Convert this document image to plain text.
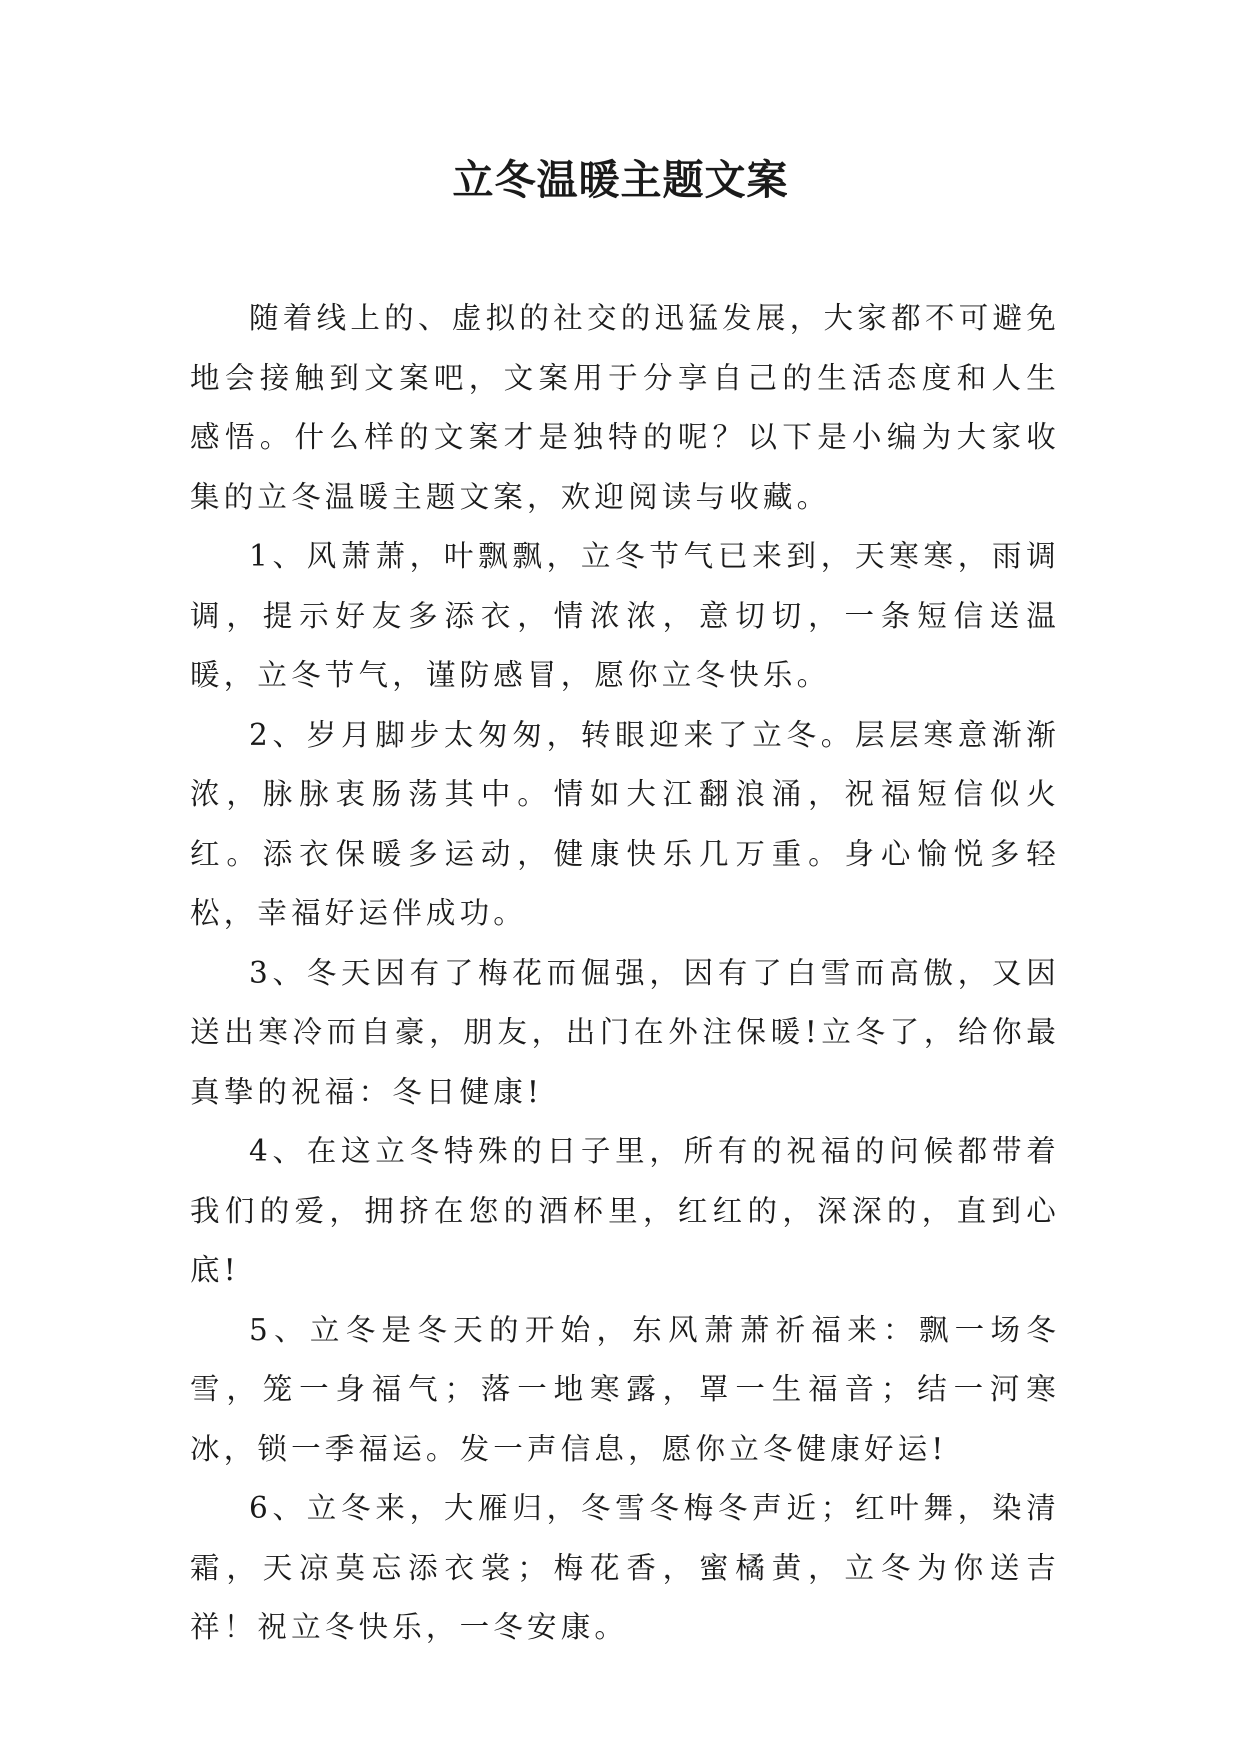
立冬温暖主题文案

随着线上的、虚拟的社交的迅猛发展，大家都不可避免地会接触到文案吧，文案用于分享自己的生活态度和人生感悟。什么样的文案才是独特的呢？以下是小编为大家收集的立冬温暖主题文案，欢迎阅读与收藏。

1、风萧萧，叶飘飘，立冬节气已来到，天寒寒，雨调调，提示好友多添衣，情浓浓，意切切，一条短信送温暖，立冬节气，谨防感冒，愿你立冬快乐。

2、岁月脚步太匆匆，转眼迎来了立冬。层层寒意渐渐浓，脉脉衷肠荡其中。情如大江翻浪涌，祝福短信似火红。添衣保暖多运动，健康快乐几万重。身心愉悦多轻松，幸福好运伴成功。

3、冬天因有了梅花而倔强，因有了白雪而高傲，又因送出寒冷而自豪，朋友，出门在外注保暖!立冬了，给你最真挚的祝福：冬日健康!

4、在这立冬特殊的日子里，所有的祝福的问候都带着我们的爱，拥挤在您的酒杯里，红红的，深深的，直到心底!

5、立冬是冬天的开始，东风萧萧祈福来：飘一场冬雪，笼一身福气；落一地寒露，罩一生福音；结一河寒冰，锁一季福运。发一声信息，愿你立冬健康好运!

6、立冬来，大雁归，冬雪冬梅冬声近；红叶舞，染清霜，天凉莫忘添衣裳；梅花香，蜜橘黄，立冬为你送吉祥！祝立冬快乐，一冬安康。
